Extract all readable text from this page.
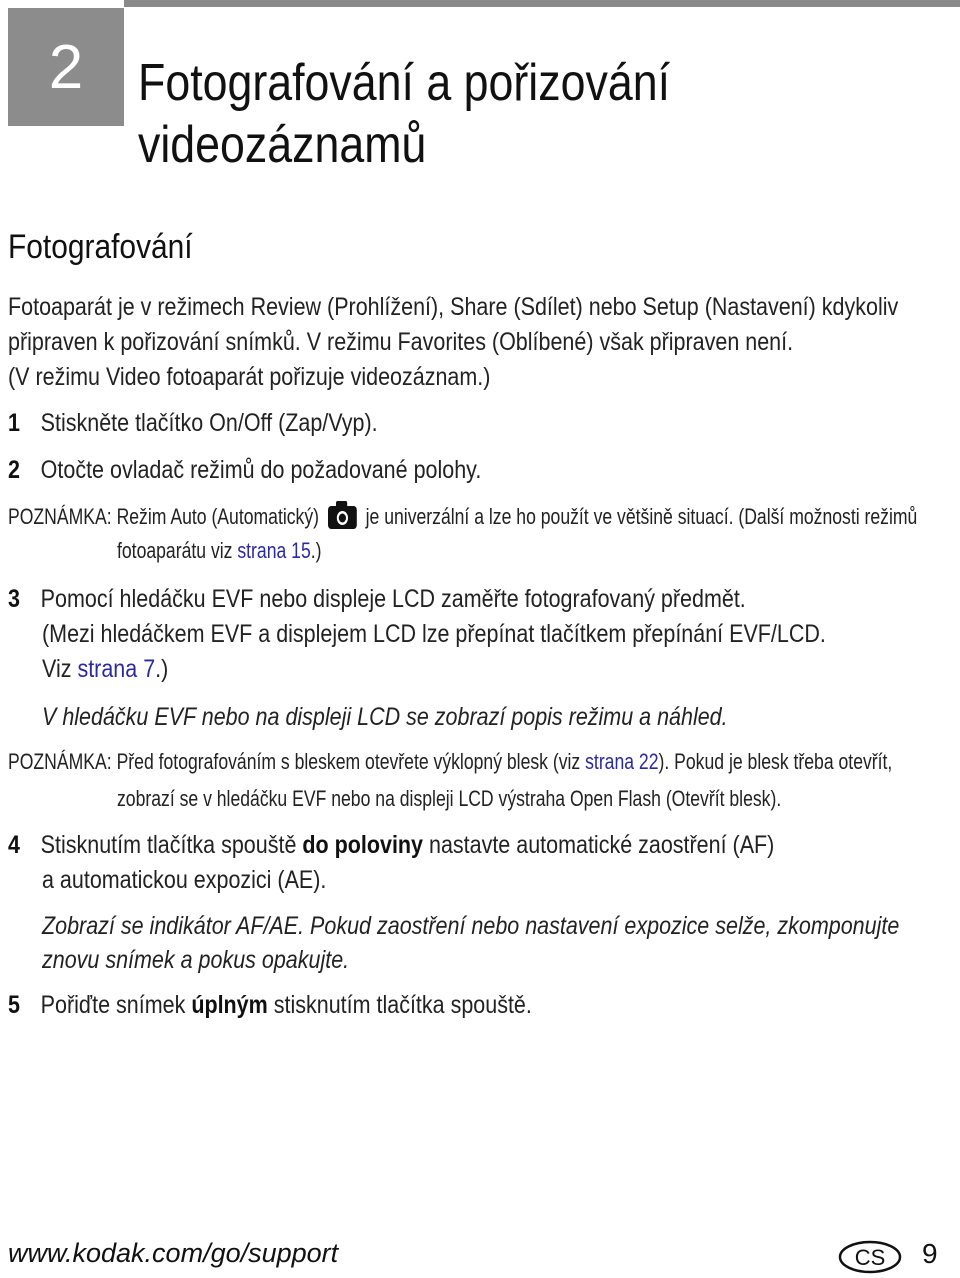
2	Fotografování a pořizování
videozáznamů
Fotografování
Fotoaparát je v režimech Review (Prohlížení), Share (Sdílet) nebo Setup (Nastavení) kdykoliv
připraven k pořizování snímků. V režimu Favorites (Oblíbené) však připraven není.
(V režimu Video fotoaparát pořizuje videozáznam.)
1 Stiskněte tlačítko On/Off (Zap/Vyp).
2 Otočte ovladač režimů do požadované polohy.
POZNÁMKA: Režim Auto (Automatický) je univerzální a lze ho použít ve většině situací. (Další možnosti režimů
fotoaparátu viz strana 15.)
3 Pomocí hledáčku EVF nebo displeje LCD zaměřte fotografovaný předmět.
(Mezi hledáčkem EVF a displejem LCD lze přepínat tlačítkem přepínání EVF/LCD.
Viz strana 7.)
V hledáčku EVF nebo na displeji LCD se zobrazí popis režimu a náhled.
POZNÁMKA: Před fotografováním s bleskem otevřete výklopný blesk (viz strana 22). Pokud je blesk třeba otevřít,
zobrazí se v hledáčku EVF nebo na displeji LCD výstraha Open Flash (Otevřít blesk).
4 Stisknutím tlačítka spouště do poloviny nastavte automatické zaostření (AF)
a automatickou expozici (AE).
Zobrazí se indikátor AF/AE. Pokud zaostření nebo nastavení expozice selže, zkomponujte
znovu snímek a pokus opakujte.
5 Pořiďte snímek úplným stisknutím tlačítka spouště.
www.kodak.com/go/support	CS 9
